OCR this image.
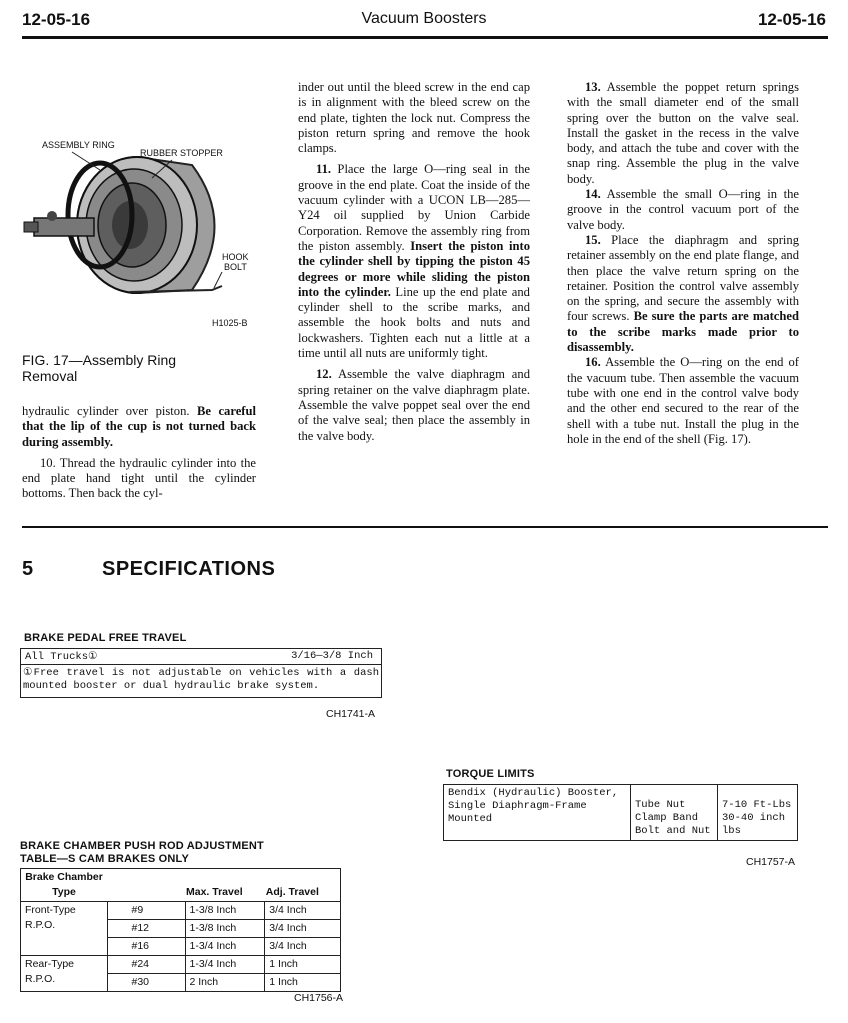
12-05-16	Vacuum Boosters	12-05-16
ASSEMBLY RING
RUBBER STOPPER
HOOK
BOLT
H1025-B
FIG. 17—Assembly Ring
Removal

hydraulic cylinder over piston. Be careful that the lip of the cup is not turned back during assembly.

10. Thread the hydraulic cylinder into the end plate hand tight until the cylinder bottoms. Then back the cyl-

inder out until the bleed screw in the end cap is in alignment with the bleed screw on the end plate, tighten the lock nut. Compress the piston return spring and remove the hook clamps.

11. Place the large O—ring seal in the groove in the end plate. Coat the inside of the vacuum cylinder with a UCON LB—285—Y24 oil supplied by Union Carbide Corporation. Remove the assembly ring from the piston assembly. Insert the piston into the cylinder shell by tipping the piston 45 degrees or more while sliding the piston into the cylinder. Line up the end plate and cylinder shell to the scribe marks, and assemble the hook bolts and nuts and lockwashers. Tighten each nut a little at a time until all nuts are uniformly tight.

12. Assemble the valve diaphragm and spring retainer on the valve diaphragm plate. Assemble the valve poppet seal over the end of the valve seal; then place the assembly in the valve body.

13. Assemble the poppet return springs with the small diameter end of the small spring over the button on the valve seal. Install the gasket in the recess in the valve body, and attach the tube and cover with the snap ring. Assemble the plug in the valve body.

14. Assemble the small O—ring in the groove in the control vacuum port of the valve body.

15. Place the diaphragm and spring retainer assembly on the end plate flange, and then place the valve return spring on the retainer. Position the control valve assembly on the spring, and secure the assembly with four screws. Be sure the parts are matched to the scribe marks made prior to disassembly.

16. Assemble the O—ring on the end of the vacuum tube. Then assemble the vacuum tube with one end in the control valve body and the other end secured to the rear of the shell with a tube nut. Install the plug in the hole in the end of the shell (Fig. 17).

5	SPECIFICATIONS
BRAKE PEDAL FREE TRAVEL
All Trucks①	3/16—3/8 Inch
①Free travel is not adjustable on vehicles with a dash mounted booster or dual hydraulic brake system.
CH1741-A
TORQUE LIMITS
Bendix (Hydraulic) Booster, Single Diaphragm-Frame Mounted	Tube Nut	7-10 Ft-Lbs
	Clamp Band Bolt and Nut	30-40 inch lbs
CH1757-A
BRAKE CHAMBER PUSH ROD ADJUSTMENT
TABLE—S CAM BRAKES ONLY
Brake Chamber Type		Max. Travel	Adj. Travel
Front-Type R.P.O.	#9	1-3/8 Inch	3/4 Inch
	#12	1-3/8 Inch	3/4 Inch
	#16	1-3/4 Inch	3/4 Inch
Rear-Type R.P.O.	#24	1-3/4 Inch	1 Inch
	#30	2 Inch	1 Inch
CH1756-A
